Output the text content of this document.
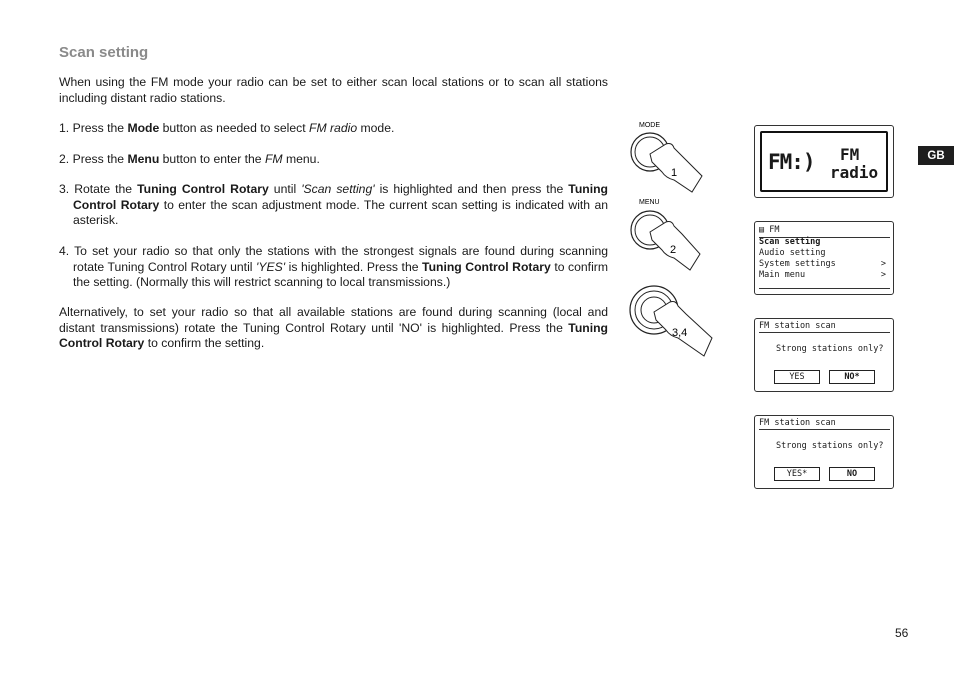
Scan setting

When using the FM mode your radio can be set to either scan local stations or to scan all stations including distant radio stations.

1. Press the Mode button as needed to select FM radio mode.
2. Press the Menu button to enter the FM menu.
3. Rotate the Tuning Control Rotary until 'Scan setting' is highlighted and then press the Tuning Control Rotary to enter the scan adjustment mode. The current scan setting is indicated with an asterisk.
4. To set your radio so that only the stations with the strongest signals are found during scanning rotate Tuning Control Rotary until 'YES' is highlighted. Press the Tuning Control Rotary to confirm the setting. (Normally this will restrict scanning to local transmissions.)

Alternatively, to set your radio so that all available stations are found during scanning (local and distant transmissions) rotate the Tuning Control Rotary until 'NO' is highlighted. Press the Tuning Control Rotary to confirm the setting.

GB
56
MODE
1
MENU
2
3,4
FM:) FM
radio
▤ FM
Scan setting
Audio setting
System settings	>
Main menu	>
FM station scan
Strong stations only?
YES	NO*
FM station scan
Strong stations only?
YES*	NO
